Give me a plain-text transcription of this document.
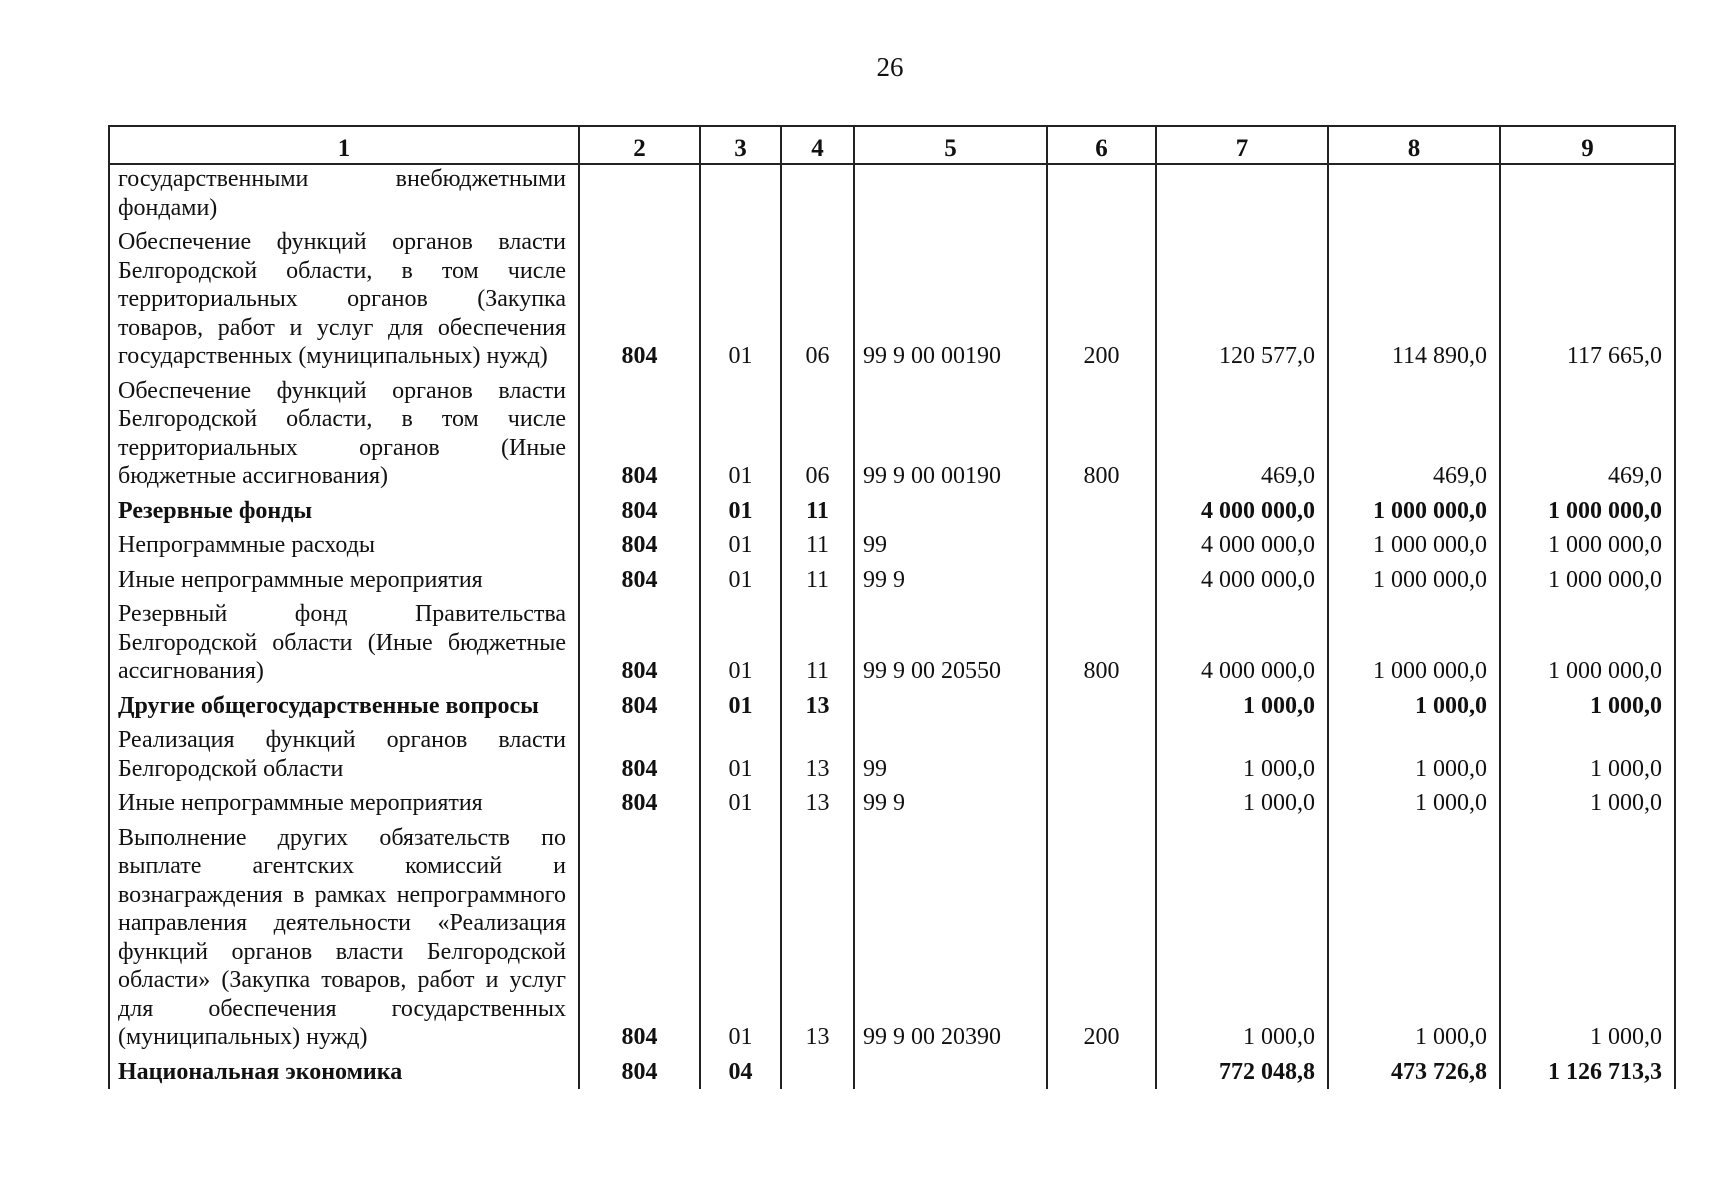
26
1	2	3	4	5	6	7	8	9
государственными внебюджетными фондами)								
Обеспечение функций органов власти Белгородской области, в том числе территориальных органов (Закупка товаров, работ и услуг для обеспечения государственных (муниципальных) нужд)	804	01	06	99 9 00 00190	200	120 577,0	114 890,0	117 665,0
Обеспечение функций органов власти Белгородской области, в том числе территориальных органов (Иные бюджетные ассигнования)	804	01	06	99 9 00 00190	800	469,0	469,0	469,0
Резервные фонды	804	01	11			4 000 000,0	1 000 000,0	1 000 000,0
Непрограммные расходы	804	01	11	99		4 000 000,0	1 000 000,0	1 000 000,0
Иные непрограммные мероприятия	804	01	11	99 9		4 000 000,0	1 000 000,0	1 000 000,0
Резервный фонд Правительства Белгородской области (Иные бюджетные ассигнования)	804	01	11	99 9 00 20550	800	4 000 000,0	1 000 000,0	1 000 000,0
Другие общегосударственные вопросы	804	01	13			1 000,0	1 000,0	1 000,0
Реализация функций органов власти Белгородской области	804	01	13	99		1 000,0	1 000,0	1 000,0
Иные непрограммные мероприятия	804	01	13	99 9		1 000,0	1 000,0	1 000,0
Выполнение других обязательств по выплате агентских комиссий и вознаграждения в рамках непрограммного направления деятельности «Реализация функций органов власти Белгородской области» (Закупка товаров, работ и услуг для обеспечения государственных (муниципальных) нужд)	804	01	13	99 9 00 20390	200	1 000,0	1 000,0	1 000,0
Национальная экономика	804	04				772 048,8	473 726,8	1 126 713,3
